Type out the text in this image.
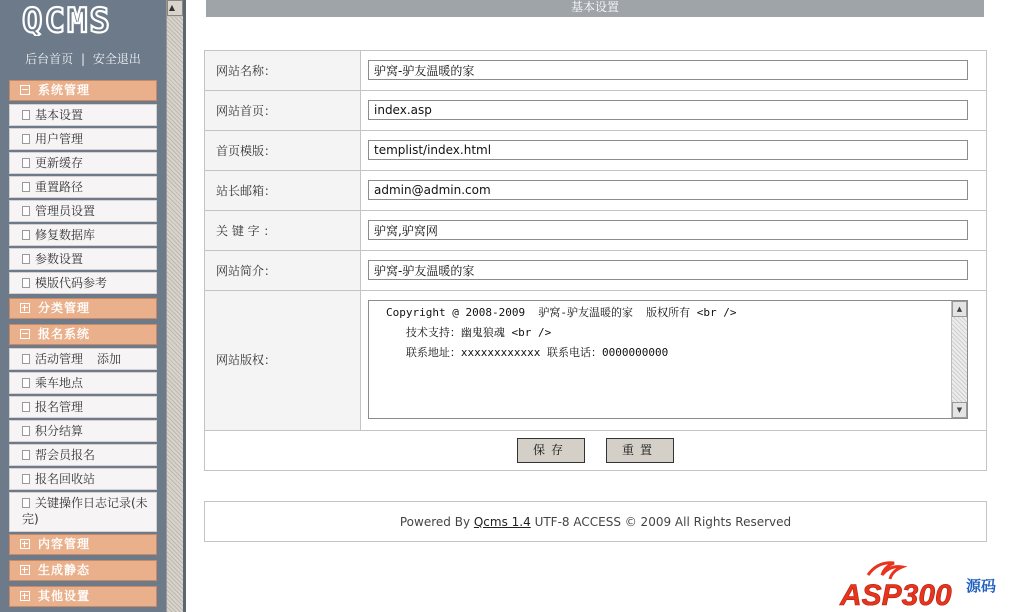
QCMS
后台首页 | 安全退出
系统管理
基本设置
用户管理
更新缓存
重置路径
管理员设置
修复数据库
参数设置
模版代码参考
分类管理
报名系统
活动管理 添加
乘车地点
报名管理
积分结算
帮会员报名
报名回收站
关键操作日志记录(未完)
内容管理
生成静态
其他设置
▲	基本设置
网站名称：
驴窝-驴友温暖的家
网站首页：
index.asp
首页模版：
templist/index.html
站长邮箱：
admin@admin.com
关 键 字 ：
驴窝,驴窝网
网站简介：
驴窝-驴友温暖的家
网站版权：
Copyright @ 2008-2009  驴窝-驴友温暖的家  版权所有 <br />
技术支持：幽鬼狼魂 <br />
联系地址：xxxxxxxxxxxx 联系电话：0000000000
▲
▼
保存	重置
Powered By Qcms 1.4 UTF-8 ACCESS © 2009 All Rights Reserved
ASP300 源码
